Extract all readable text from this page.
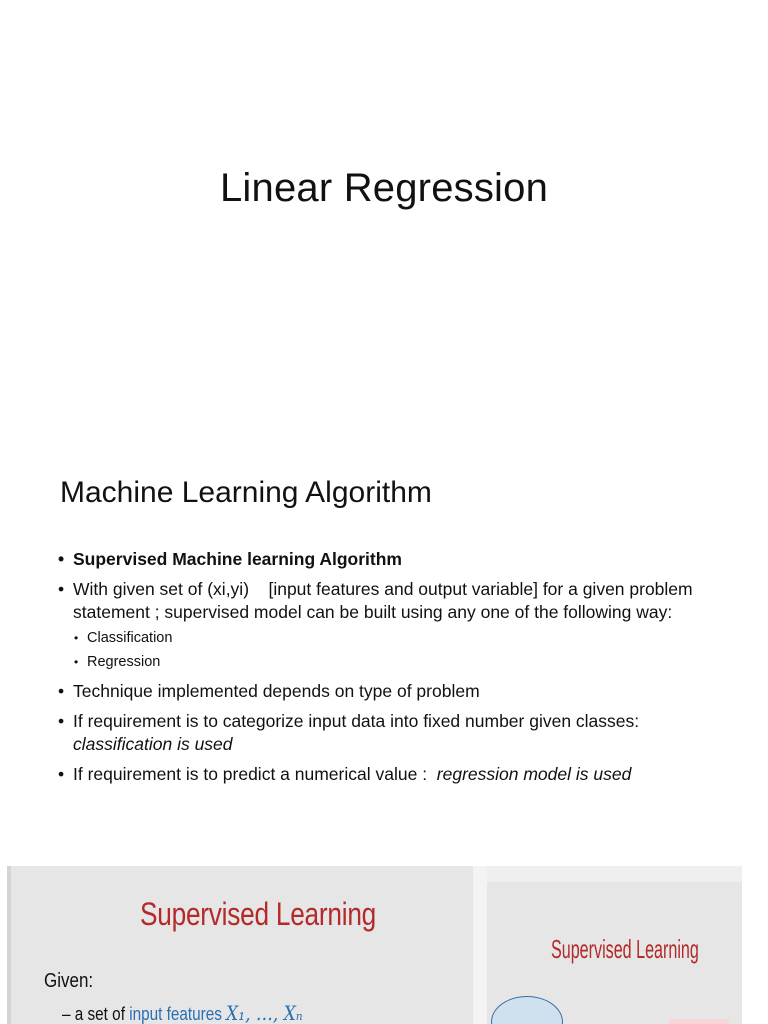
Linear Regression
Machine Learning Algorithm
• Supervised Machine learning Algorithm
• With given set of (xi,yi)    [input features and output variable] for a given problem statement ; supervised model can be built using any one of the following way:
• Classification
• Regression
• Technique implemented depends on type of problem
• If requirement is to categorize input data into fixed number given classes: classification is used
• If requirement is to predict a numerical value :  regression model is used
Supervised Learning
Given:
– a set of input features X₁, …, Xₙ
Supervised Learning
